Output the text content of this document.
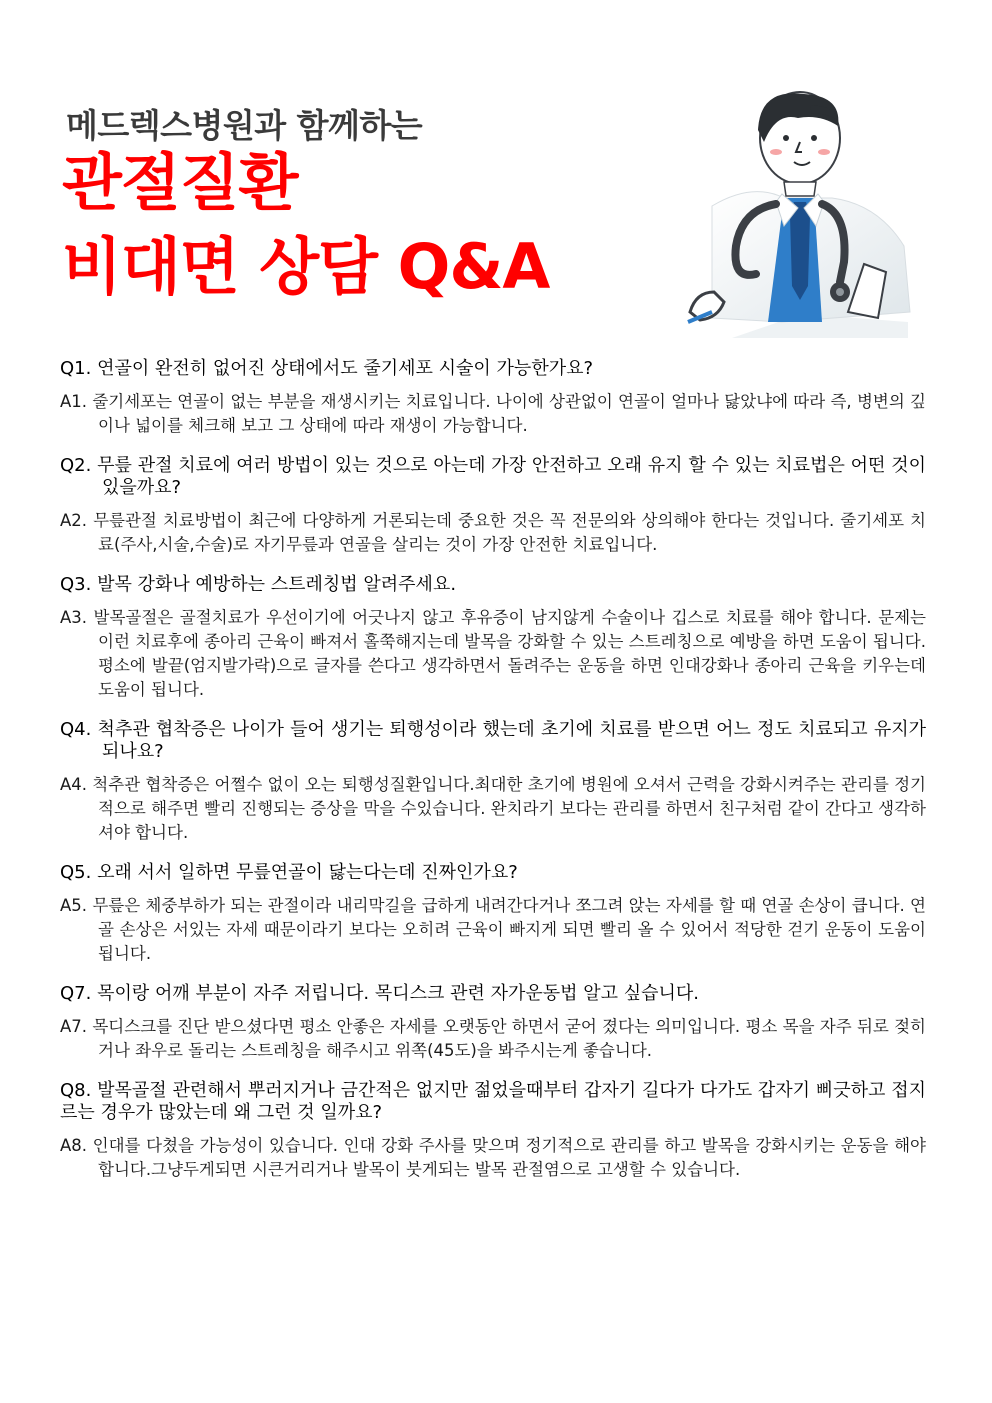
메드렉스병원과 함께하는
관절질환
비대면 상담 Q&A

Q1. 연골이 완전히 없어진 상태에서도 줄기세포 시술이 가능한가요?

A1. 줄기세포는 연골이 없는 부분을 재생시키는 치료입니다. 나이에 상관없이 연골이 얼마나 닳았냐에 따라 즉, 병변의 깊이나 넓이를 체크해 보고 그 상태에 따라 재생이 가능합니다.

Q2. 무릎 관절 치료에 여러 방법이 있는 것으로 아는데 가장 안전하고 오래 유지 할 수 있는 치료법은 어떤 것이 있을까요?

A2. 무릎관절 치료방법이 최근에 다양하게 거론되는데 중요한 것은 꼭 전문의와 상의해야 한다는 것입니다. 줄기세포 치료(주사,시술,수술)로 자기무릎과 연골을 살리는 것이 가장 안전한 치료입니다.

Q3. 발목 강화나 예방하는 스트레칭법 알려주세요.

A3. 발목골절은 골절치료가 우선이기에 어긋나지 않고 후유증이 남지않게 수술이나 깁스로 치료를 해야 합니다. 문제는 이런 치료후에 종아리 근육이 빠져서 홀쭉해지는데 발목을 강화할 수 있는 스트레칭으로 예방을 하면 도움이 됩니다. 평소에 발끝(엄지발가락)으로 글자를 쓴다고 생각하면서 돌려주는 운동을 하면 인대강화나 종아리 근육을 키우는데 도움이 됩니다.

Q4. 척추관 협착증은 나이가 들어 생기는 퇴행성이라 했는데 초기에 치료를 받으면 어느 정도 치료되고 유지가 되나요?

A4. 척추관 협착증은 어쩔수 없이 오는 퇴행성질환입니다.최대한 초기에 병원에 오셔서 근력을 강화시켜주는 관리를 정기적으로 해주면 빨리 진행되는 증상을 막을 수있습니다. 완치라기 보다는 관리를 하면서 친구처럼 같이 간다고 생각하셔야 합니다.

Q5. 오래 서서 일하면 무릎연골이 닳는다는데 진짜인가요?

A5. 무릎은 체중부하가 되는 관절이라 내리막길을 급하게 내려간다거나 쪼그려 앉는 자세를 할 때 연골 손상이 큽니다. 연골 손상은 서있는 자세 때문이라기 보다는 오히려 근육이 빠지게 되면 빨리 올 수 있어서 적당한 걷기 운동이 도움이 됩니다.

Q7. 목이랑 어깨 부분이 자주 저립니다. 목디스크 관련 자가운동법 알고 싶습니다.

A7. 목디스크를 진단 받으셨다면 평소 안좋은 자세를 오랫동안 하면서 굳어 졌다는 의미입니다. 평소 목을 자주 뒤로 젖히거나 좌우로 돌리는 스트레칭을 해주시고 위쪽(45도)을 봐주시는게 좋습니다.

Q8. 발목골절 관련해서 뿌러지거나 금간적은 없지만 젊었을때부터 갑자기 길다가 다가도 갑자기 삐긋하고 접지르는 경우가 많았는데 왜 그런 것 일까요?

A8. 인대를 다쳤을 가능성이 있습니다. 인대 강화 주사를 맞으며 정기적으로 관리를 하고 발목을 강화시키는 운동을 해야합니다.그냥두게되면 시큰거리거나 발목이 붓게되는 발목 관절염으로 고생할 수 있습니다.
